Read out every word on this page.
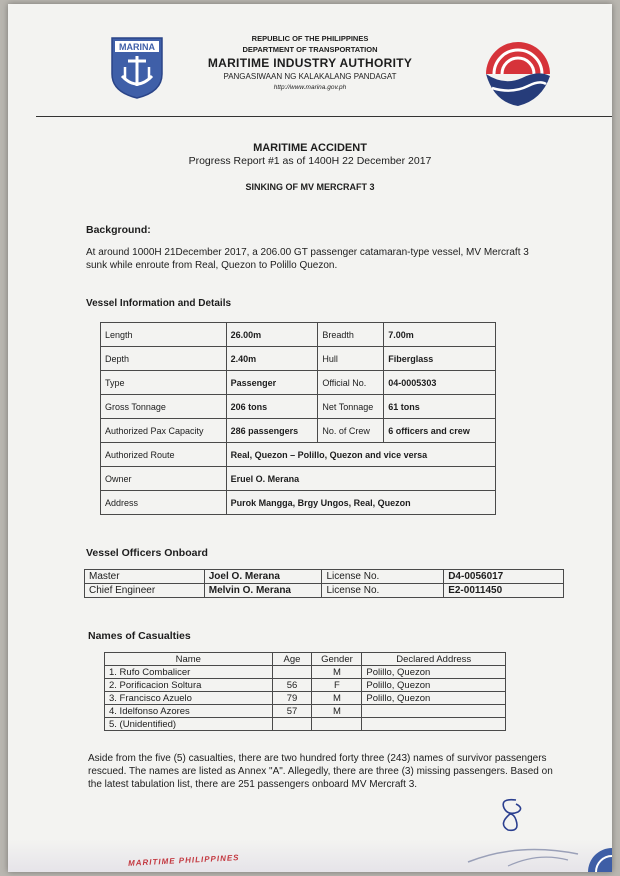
MARINA
REPUBLIC OF THE PHILIPPINES
DEPARTMENT OF TRANSPORTATION
MARITIME INDUSTRY AUTHORITY
PANGASIWAAN NG KALAKALANG PANDAGAT
http://www.marina.gov.ph
MARITIME ACCIDENT
Progress Report #1 as of 1400H 22 December 2017
SINKING OF MV MERCRAFT 3
Background:
At around 1000H 21December 2017, a 206.00 GT passenger catamaran-type vessel, MV Mercraft 3 sunk while enroute from Real, Quezon to Polillo Quezon.
Vessel Information and Details
Length	26.00m	Breadth	7.00m
Depth	2.40m	Hull	Fiberglass
Type	Passenger	Official No.	04-0005303
Gross Tonnage	206 tons	Net Tonnage	61 tons
Authorized Pax Capacity	286 passengers	No. of Crew	6 officers and crew
Authorized Route	Real, Quezon – Polillo, Quezon and vice versa		
Owner	Eruel O. Merana		
Address	Purok Mangga, Brgy Ungos, Real, Quezon		
Vessel Officers Onboard
Master	Joel O. Merana	License No.	D4-0056017
Chief Engineer	Melvin O. Merana	License No.	E2-0011450
Names of Casualties
Name	Age	Gender	Declared Address
1. Rufo Combalicer		M	Polillo, Quezon
2. Porificacion Soltura	56	F	Polillo, Quezon
3. Francisco Azuelo	79	M	Polillo, Quezon
4. Idelfonso Azores	57	M	
5. (Unidentified)			
Aside from the five (5) casualties, there are two hundred forty three (243) names of survivor passengers rescued. The names are listed as Annex "A". Allegedly, there are three (3) missing passengers. Based on the latest tabulation list, there are 251 passengers onboard MV Mercraft 3.
MARITIME PHILIPPINES
